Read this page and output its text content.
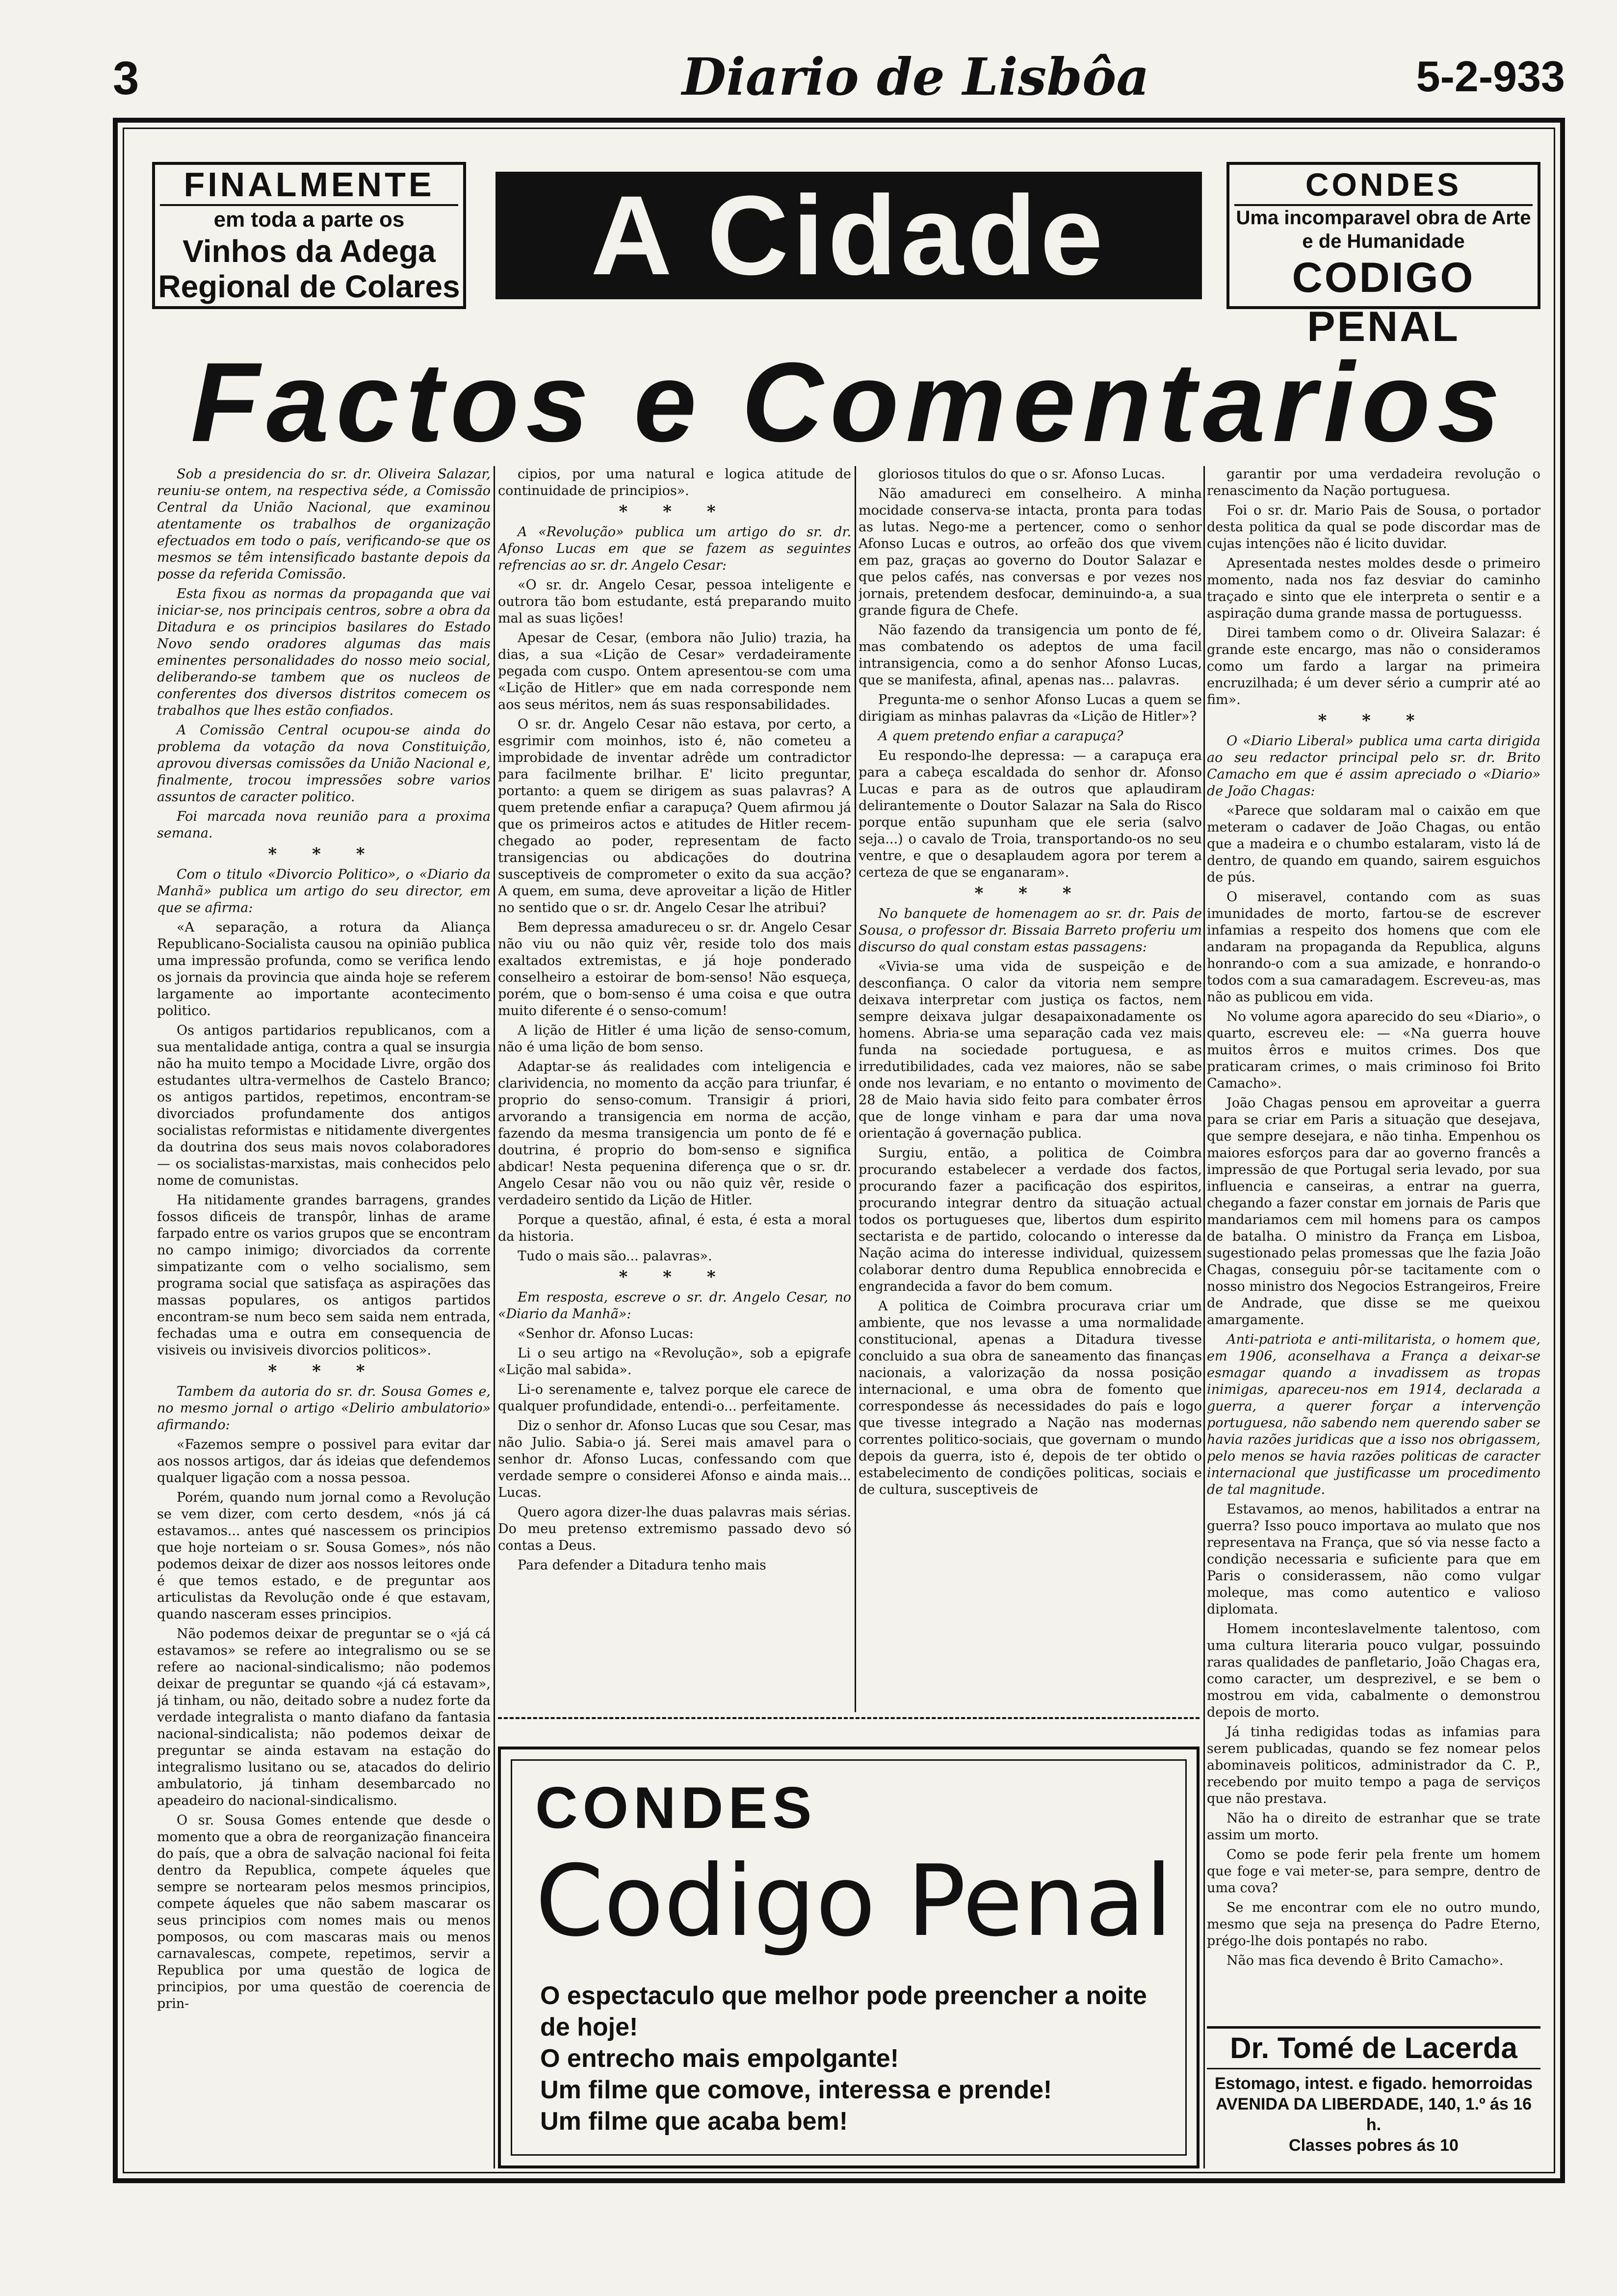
3	Diario de Lisbôa	5-2-933
FINALMENTE
em toda a parte os
Vinhos da Adega
Regional de Colares	A Cidade	CONDES
Uma incomparavel obra de Arte e de Humanidade
CODIGO PENAL
Factos e Comentarios

Sob a presidencia do sr. dr. Oliveira Salazar, reuniu-se ontem, na respectiva séde, a Comissão Central da União Nacional, que examinou atentamente os trabalhos de organização efectuados em todo o país, verificando-se que os mesmos se têm intensificado bastante depois da posse da referida Comissão.

Esta fixou as normas da propaganda que vai iniciar-se, nos principais centros, sobre a obra da Ditadura e os principios basilares do Estado Novo sendo oradores algumas das mais eminentes personalidades do nosso meio social, deliberando-se tambem que os nucleos de conferentes dos diversos distritos comecem os trabalhos que lhes estão confiados.

A Comissão Central ocupou-se ainda do problema da votação da nova Constituição, aprovou diversas comissões da União Nacional e, finalmente, trocou impressões sobre varios assuntos de caracter politico.

Foi marcada nova reunião para a proxima semana.

* * *

Com o titulo «Divorcio Politico», o «Diario da Manhã» publica um artigo do seu director, em que se afirma:

«A separação, a rotura da Aliança Republicano-Socialista causou na opinião publica uma impressão profunda, como se verifica lendo os jornais da provincia que ainda hoje se referem largamente ao importante acontecimento politico.

Os antigos partidarios republicanos, com a sua mentalidade antiga, contra a qual se insurgia não ha muito tempo a Mocidade Livre, orgão dos estudantes ultra-vermelhos de Castelo Branco; os antigos partidos, repetimos, encontram-se divorciados profundamente dos antigos socialistas reformistas e nitidamente divergentes da doutrina dos seus mais novos colaboradores — os socialistas-marxistas, mais conhecidos pelo nome de comunistas.

Ha nitidamente grandes barragens, grandes fossos dificeis de transpôr, linhas de arame farpado entre os varios grupos que se encontram no campo inimigo; divorciados da corrente simpatizante com o velho socialismo, sem programa social que satisfaça as aspirações das massas populares, os antigos partidos encontram-se num beco sem saida nem entrada, fechadas uma e outra em consequencia de visiveis ou invisiveis divorcios politicos».

* * *

Tambem da autoria do sr. dr. Sousa Gomes e, no mesmo jornal o artigo «Delirio ambulatorio» afirmando:

«Fazemos sempre o possivel para evitar dar aos nossos artigos, dar ás ideias que defendemos qualquer ligação com a nossa pessoa.

Porém, quando num jornal como a Revolução se vem dizer, com certo desdem, «nós já cá estavamos... antes qué nascessem os principios que hoje norteiam o sr. Sousa Gomes», nós não podemos deixar de dizer aos nossos leitores onde é que temos estado, e de preguntar aos articulistas da Revolução onde é que estavam, quando nasceram esses principios.

Não podemos deixar de preguntar se o «já cá estavamos» se refere ao integralismo ou se se refere ao nacional-sindicalismo; não podemos deixar de preguntar se quando «já cá estavam», já tinham, ou não, deitado sobre a nudez forte da verdade integralista o manto diafano da fantasia nacional-sindicalista; não podemos deixar de preguntar se ainda estavam na estação do integralismo lusitano ou se, atacados do delirio ambulatorio, já tinham desembarcado no apeadeiro do nacional-sindicalismo.

O sr. Sousa Gomes entende que desde o momento que a obra de reorganização financeira do país, que a obra de salvação nacional foi feita dentro da Republica, compete áqueles que sempre se nortearam pelos mesmos principios, compete áqueles que não sabem mascarar os seus principios com nomes mais ou menos pomposos, ou com mascaras mais ou menos carnavalescas, compete, repetimos, servir a Republica por uma questão de logica de principios, por uma questão de coerencia de prin-

cipios, por uma natural e logica atitude de continuidade de principios».

* * *

A «Revolução» publica um artigo do sr. dr. Afonso Lucas em que se fazem as seguintes refrencias ao sr. dr. Angelo Cesar:

«O sr. dr. Angelo Cesar, pessoa inteligente e outrora tão bom estudante, está preparando muito mal as suas lições!

Apesar de Cesar, (embora não Julio) trazia, ha dias, a sua «Lição de Cesar» verdadeiramente pegada com cuspo. Ontem apresentou-se com uma «Lição de Hitler» que em nada corresponde nem aos seus méritos, nem ás suas responsabilidades.

O sr. dr. Angelo Cesar não estava, por certo, a esgrimir com moinhos, isto é, não cometeu a improbidade de inventar adrêde um contradictor para facilmente brilhar. E' licito preguntar, portanto: a quem se dirigem as suas palavras? A quem pretende enfiar a carapuça? Quem afirmou já que os primeiros actos e atitudes de Hitler recem-chegado ao poder, representam de facto transigencias ou abdicações do doutrina susceptiveis de comprometer o exito da sua acção? A quem, em suma, deve aproveitar a lição de Hitler no sentido que o sr. dr. Angelo Cesar lhe atribui?

Bem depressa amadureceu o sr. dr. Angelo Cesar não viu ou não quiz vêr, reside tolo dos mais exaltados extremistas, e já hoje ponderado conselheiro a estoirar de bom-senso! Não esqueça, porém, que o bom-senso é uma coisa e que outra muito diferente é o senso-comum!

A lição de Hitler é uma lição de senso-comum, não é uma lição de bom senso.

Adaptar-se ás realidades com inteligencia e clarividencia, no momento da acção para triunfar, é proprio do senso-comum. Transigir á priori, arvorando a transigencia em norma de acção, fazendo da mesma transigencia um ponto de fé e doutrina, é proprio do bom-senso e significa abdicar! Nesta pequenina diferença que o sr. dr. Angelo Cesar não vou ou não quiz vêr, reside o verdadeiro sentido da Lição de Hitler.

Porque a questão, afinal, é esta, é esta a moral da historia.

Tudo o mais são... palavras».

* * *

Em resposta, escreve o sr. dr. Angelo Cesar, no «Diario da Manhã»:

«Senhor dr. Afonso Lucas:

Li o seu artigo na «Revolução», sob a epigrafe «Lição mal sabida».

Li-o serenamente e, talvez porque ele carece de qualquer profundidade, entendi-o... perfeitamente.

Diz o senhor dr. Afonso Lucas que sou Cesar, mas não Julio. Sabia-o já. Serei mais amavel para o senhor dr. Afonso Lucas, confessando com que verdade sempre o considerei Afonso e ainda mais... Lucas.

Quero agora dizer-lhe duas palavras mais sérias. Do meu pretenso extremismo passado devo só contas a Deus.

Para defender a Ditadura tenho mais

gloriosos titulos do que o sr. Afonso Lucas.

Não amadureci em conselheiro. A minha mocidade conserva-se intacta, pronta para todas as lutas. Nego-me a pertencer, como o senhor Afonso Lucas e outros, ao orfeão dos que vivem em paz, graças ao governo do Doutor Salazar e que pelos cafés, nas conversas e por vezes nos jornais, pretendem desfocar, deminuindo-a, a sua grande figura de Chefe.

Não fazendo da transigencia um ponto de fé, mas combatendo os adeptos de uma facil intransigencia, como a do senhor Afonso Lucas, que se manifesta, afinal, apenas nas... palavras.

Pregunta-me o senhor Afonso Lucas a quem se dirigiam as minhas palavras da «Lição de Hitler»?

A quem pretendo enfiar a carapuça?

Eu respondo-lhe depressa: — a carapuça era para a cabeça escaldada do senhor dr. Afonso Lucas e para as de outros que aplaudiram delirantemente o Doutor Salazar na Sala do Risco porque então supunham que ele seria (salvo seja...) o cavalo de Troia, transportando-os no seu ventre, e que o desaplaudem agora por terem a certeza de que se enganaram».

* * *

No banquete de homenagem ao sr. dr. Pais de Sousa, o professor dr. Bissaia Barreto proferiu um discurso do qual constam estas passagens:

«Vivia-se uma vida de suspeição e de desconfiança. O calor da vitoria nem sempre deixava interpretar com justiça os factos, nem sempre deixava julgar desapaixonadamente os homens. Abria-se uma separação cada vez mais funda na sociedade portuguesa, e as irredutibilidades, cada vez maiores, não se sabe onde nos levariam, e no entanto o movimento de 28 de Maio havia sido feito para combater êrros que de longe vinham e para dar uma nova orientação á governação publica.

Surgiu, então, a politica de Coimbra procurando estabelecer a verdade dos factos, procurando fazer a pacificação dos espiritos, procurando integrar dentro da situação actual todos os portugueses que, libertos dum espirito sectarista e de partido, colocando o interesse da Nação acima do interesse individual, quizessem colaborar dentro duma Republica ennobrecida e engrandecida a favor do bem comum.

A politica de Coimbra procurava criar um ambiente, que nos levasse a uma normalidade constitucional, apenas a Ditadura tivesse concluido a sua obra de saneamento das finanças nacionais, a valorização da nossa posição internacional, e uma obra de fomento que correspondesse ás necessidades do país e logo que tivesse integrado a Nação nas modernas correntes politico-sociais, que governam o mundo depois da guerra, isto é, depois de ter obtido o estabelecimento de condições politicas, sociais e de cultura, susceptiveis de

garantir por uma verdadeira revolução o renascimento da Nação portuguesa.

Foi o sr. dr. Mario Pais de Sousa, o portador desta politica da qual se pode discordar mas de cujas intenções não é licito duvidar.

Apresentada nestes moldes desde o primeiro momento, nada nos faz desviar do caminho traçado e sinto que ele interpreta o sentir e a aspiração duma grande massa de portuguesss.

Direi tambem como o dr. Oliveira Salazar: é grande este encargo, mas não o consideramos como um fardo a largar na primeira encruzilhada; é um dever sério a cumprir até ao fim».

* * *

O «Diario Liberal» publica uma carta dirigida ao seu redactor principal pelo sr. dr. Brito Camacho em que é assim apreciado o «Diario» de João Chagas:

«Parece que soldaram mal o caixão em que meteram o cadaver de João Chagas, ou então que a madeira e o chumbo estalaram, visto lá de dentro, de quando em quando, sairem esguichos de pús.

O miseravel, contando com as suas imunidades de morto, fartou-se de escrever infamias a respeito dos homens que com ele andaram na propaganda da Republica, alguns honrando-o com a sua amizade, e honrando-o todos com a sua camaradagem. Escreveu-as, mas não as publicou em vida.

No volume agora aparecido do seu «Diario», o quarto, escreveu ele: — «Na guerra houve muitos êrros e muitos crimes. Dos que praticaram crimes, o mais criminoso foi Brito Camacho».

João Chagas pensou em aproveitar a guerra para se criar em Paris a situação que desejava, que sempre desejara, e não tinha. Empenhou os maiores esforços para dar ao governo francês a impressão de que Portugal seria levado, por sua influencia e canseiras, a entrar na guerra, chegando a fazer constar em jornais de Paris que mandariamos cem mil homens para os campos de batalha. O ministro da França em Lisboa, sugestionado pelas promessas que lhe fazia João Chagas, conseguiu pôr-se tacitamente com o nosso ministro dos Negocios Estrangeiros, Freire de Andrade, que disse se me queixou amargamente.

Anti-patriota e anti-militarista, o homem que, em 1906, aconselhava a França a deixar-se esmagar quando a invadissem as tropas inimigas, apareceu-nos em 1914, declarada a guerra, a querer forçar a intervenção portuguesa, não sabendo nem querendo saber se havia razões juridicas que a isso nos obrigassem, pelo menos se havia razões politicas de caracter internacional que justificasse um procedimento de tal magnitude.

Estavamos, ao menos, habilitados a entrar na guerra? Isso pouco importava ao mulato que nos representava na França, que só via nesse facto a condição necessaria e suficiente para que em Paris o considerassem, não como vulgar moleque, mas como autentico e valioso diplomata.

Homem inconteslavelmente talentoso, com uma cultura literaria pouco vulgar, possuindo raras qualidades de panfletario, João Chagas era, como caracter, um desprezivel, e se bem o mostrou em vida, cabalmente o demonstrou depois de morto.

Já tinha redigidas todas as infamias para serem publicadas, quando se fez nomear pelos abominaveis politicos, administrador da C. P., recebendo por muito tempo a paga de serviços que não prestava.

Não ha o direito de estranhar que se trate assim um morto.

Como se pode ferir pela frente um homem que foge e vai meter-se, para sempre, dentro de uma cova?

Se me encontrar com ele no outro mundo, mesmo que seja na presença do Padre Eterno, prégo-lhe dois pontapés no rabo.

Não mas fica devendo ê Brito Camacho».

CONDES
Codigo Penal
O espectaculo que melhor pode preencher a noite de hoje!
O entrecho mais empolgante!
Um filme que comove, interessa e prende!
Um filme que acaba bem!
Dr. Tomé de Lacerda
Estomago, intest. e figado. hemorroidas
AVENIDA DA LIBERDADE, 140, 1.º ás 16 h.
Classes pobres ás 10
